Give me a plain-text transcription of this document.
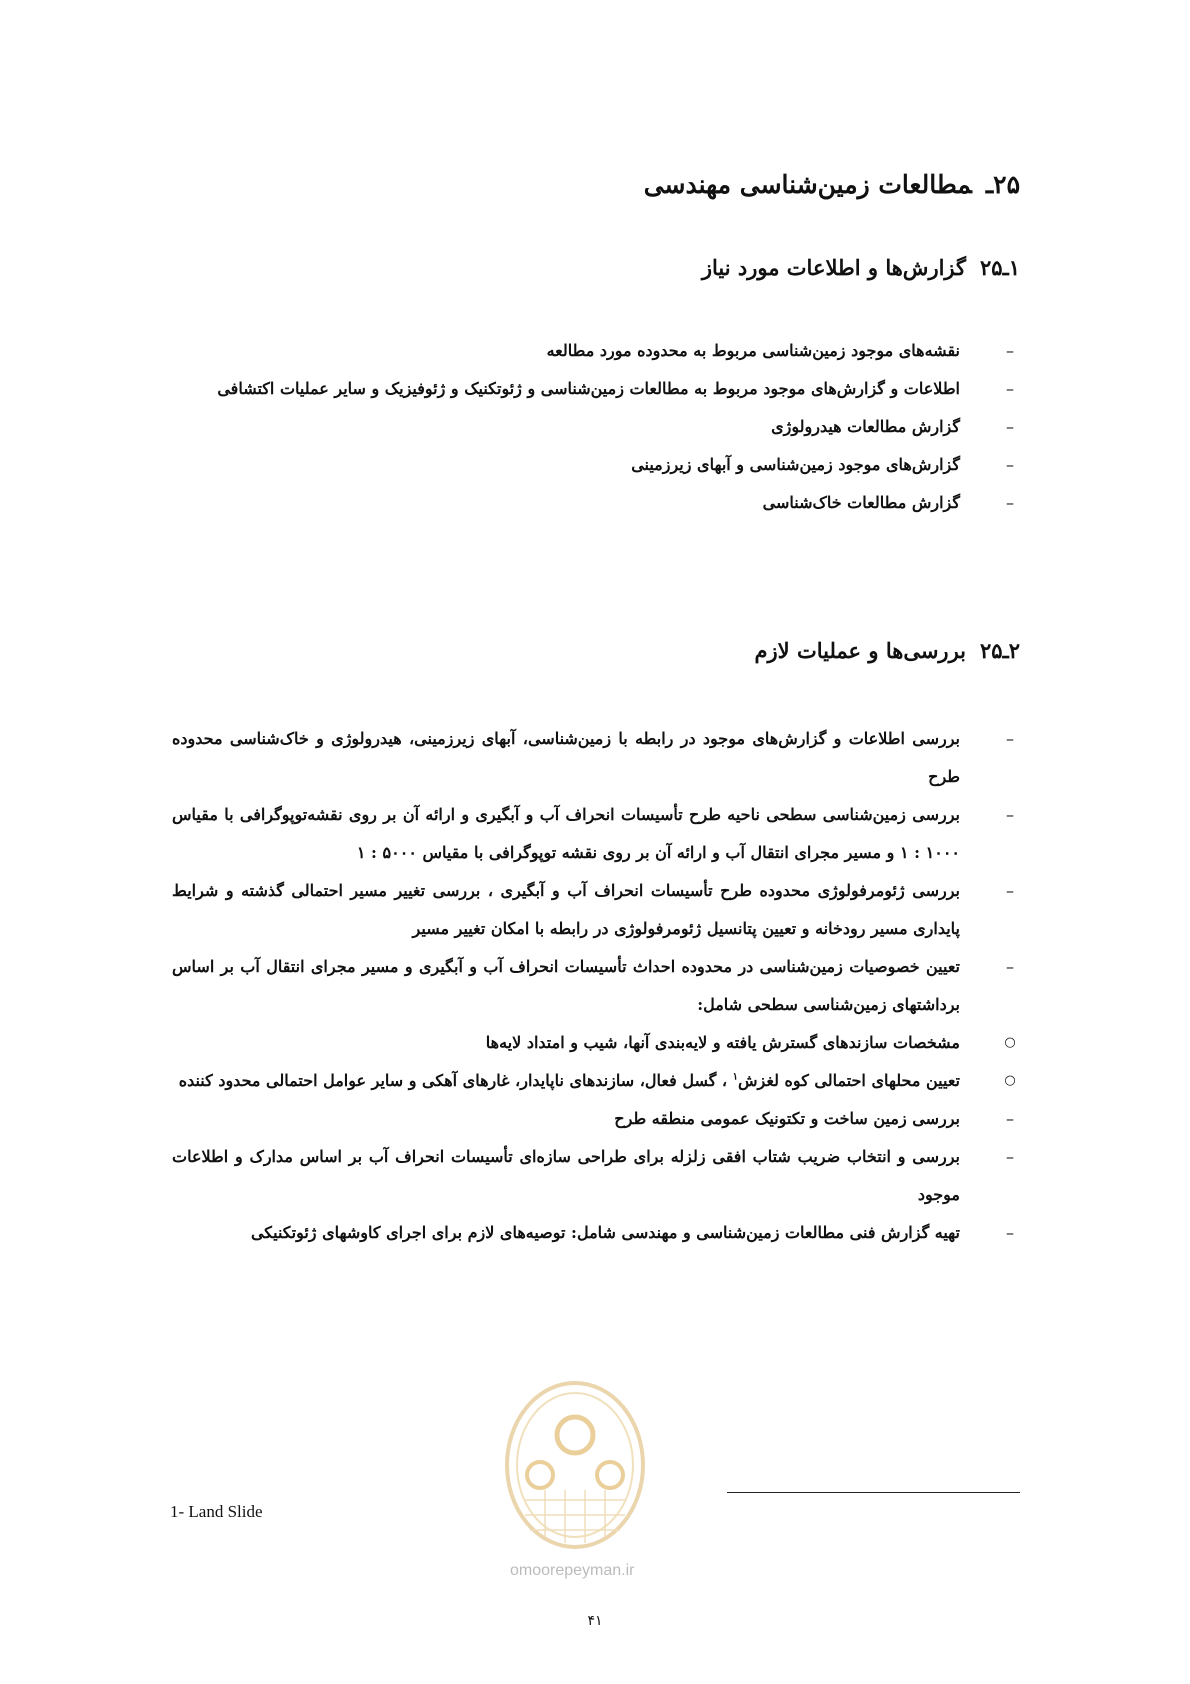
۲۵ـمطالعات زمین‌شناسی مهندسی
۱ـ۲۵گزارش‌ها و اطلاعات مورد نیاز
–
نقشه‌های موجود زمین‌شناسی مربوط به محدوده مورد مطالعه
–
اطلاعات و گزارش‌های موجود مربوط به مطالعات زمین‌شناسی و ژئوتکنیک و ژئوفیزیک و سایر عملیات اکتشافی
–
گزارش مطالعات هیدرولوژی
–
گزارش‌های موجود زمین‌شناسی و آبهای زیرزمینی
–
گزارش مطالعات خاک‌شناسی
۲ـ۲۵بررسی‌ها و عملیات لازم
–
بررسی اطلاعات و گزارش‌های موجود در رابطه با زمین‌شناسی، آبهای زیرزمینی، هیدرولوژی و خاک‌شناسی محدوده طرح
–
بررسی زمین‌شناسی سطحی ناحیه طرح تأسیسات انحراف آب و آبگیری و ارائه آن بر روی نقشه‌توپوگرافی با مقیاس ۱۰۰۰ : ۱ و مسیر مجرای انتقال آب و ارائه آن بر روی نقشه توپوگرافی با مقیاس ۵۰۰۰ : ۱
–
بررسی ژئومرفولوژی محدوده طرح تأسیسات انحراف آب و آبگیری ، بررسی تغییر مسیر احتمالی گذشته و شرایط پایداری مسیر رودخانه و تعیین پتانسیل ژئومرفولوژی در رابطه با امکان تغییر مسیر
–
تعیین خصوصیات زمین‌شناسی در محدوده احداث تأسیسات انحراف آب و آبگیری و مسیر مجرای انتقال آب بر اساس برداشتهای زمین‌شناسی سطحی شامل:
○
مشخصات سازندهای گسترش یافته و لایه‌بندی آنها، شیب و امتداد لایه‌ها
○
تعیین محلهای احتمالی کوه لغزش$^۱$ ، گسل فعال، سازندهای ناپایدار، غارهای آهکی و سایر عوامل احتمالی محدود کننده
–
بررسی زمین ساخت و تکتونیک عمومی منطقه طرح
–
بررسی و انتخاب ضریب شتاب افقی زلزله برای طراحی سازه‌ای تأسیسات انحراف آب بر اساس مدارک و اطلاعات موجود
–
تهیه گزارش فنی مطالعات زمین‌شناسی و مهندسی شامل: توصیه‌های لازم برای اجرای کاوشهای ژئوتکنیکی
omoorepeyman.ir
1- Land Slide
۴۱
